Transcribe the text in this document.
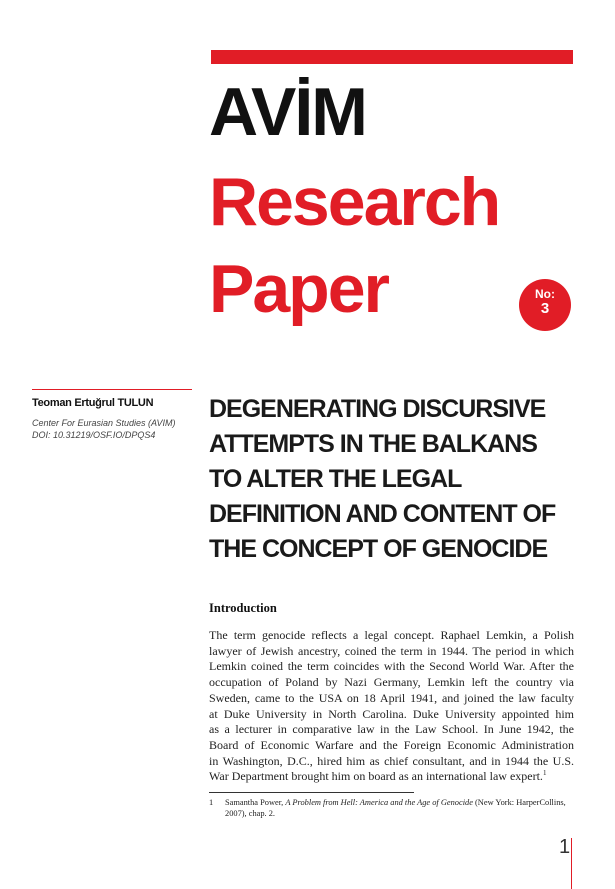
AVİM
Research
Paper	No:
3
Teoman Ertuğrul TULUN
Center For Eurasian Studies (AVIM)
DOI: 10.31219/OSF.IO/DPQS4
DEGENERATING DISCURSIVE
ATTEMPTS IN THE BALKANS
TO ALTER THE LEGAL
DEFINITION AND CONTENT OF
THE CONCEPT OF GENOCIDE
Introduction
The term genocide reflects a legal concept. Raphael Lemkin, a Polish
lawyer of Jewish ancestry, coined the term in 1944. The period in which
Lemkin coined the term coincides with the Second World War. After the
occupation of Poland by Nazi Germany, Lemkin left the country via
Sweden, came to the USA on 18 April 1941, and joined the law faculty
at Duke University in North Carolina. Duke University appointed him
as a lecturer in comparative law in the Law School. In June 1942, the
Board of Economic Warfare and the Foreign Economic Administration
in Washington, D.C., hired him as chief consultant, and in 1944 the U.S.
War Department brought him on board as an international law expert.$^1$
1 Samantha Power, A Problem from Hell: America and the Age of Genocide (New York: HarperCollins, 2007), chap. 2.
1
